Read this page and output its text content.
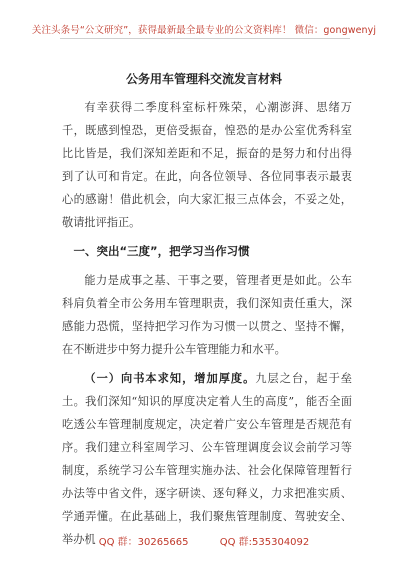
关注头条号“公文研究”，获得最新最全最专业的公文资料库！ 微信：gongwenyj
公务用车管理科交流发言材料

有幸获得二季度科室标杆殊荣，心潮澎湃、思绪万千，既感到惶恐，更倍受振奋，惶恐的是办公室优秀科室比比皆是，我们深知差距和不足，振奋的是努力和付出得到了认可和肯定。在此，向各位领导、各位同事表示最衷心的感谢！借此机会，向大家汇报三点体会，不妥之处，敬请批评指正。

一、突出“三度”，把学习当作习惯

能力是成事之基、干事之要，管理者更是如此。公车科肩负着全市公务用车管理职责，我们深知责任重大，深感能力恐慌，坚持把学习作为习惯一以贯之、坚持不懈，在不断进步中努力提升公车管理能力和水平。

（一）向书本求知，增加厚度。九层之台，起于垒土。我们深知“知识的厚度决定着人生的高度”，能否全面吃透公车管理制度规定，决定着广安公车管理是否规范有序。我们建立科室周学习、公车管理调度会议会前学习等制度，系统学习公车管理实施办法、社会化保障管理暂行办法等中省文件，逐字研读、逐句释义，力求把准实质、学通弄懂。在此基础上，我们聚焦管理制度、驾驶安全、举办机 QQ 群：30265665	QQ 群:535304092
